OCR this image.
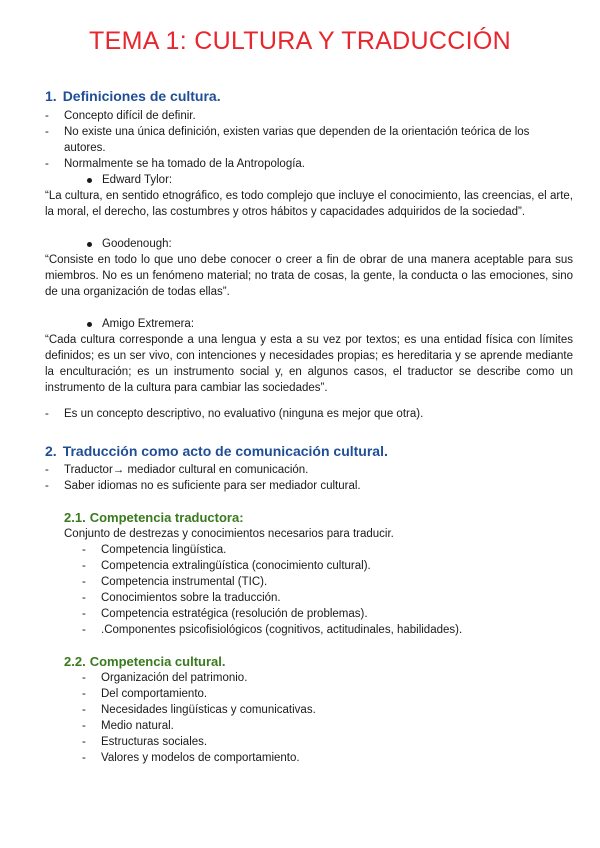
TEMA 1: CULTURA Y TRADUCCIÓN
1. Definiciones de cultura.
- Concepto difícil de definir.
- No existe una única definición, existen varias que dependen de la orientación teórica de los autores.
- Normalmente se ha tomado de la Antropología.
Edward Tylor:
“La cultura, en sentido etnográfico, es todo complejo que incluye el conocimiento, las creencias, el arte, la moral, el derecho, las costumbres y otros hábitos y capacidades adquiridos de la sociedad”.
Goodenough:
“Consiste en todo lo que uno debe conocer o creer a fin de obrar de una manera aceptable para sus miembros. No es un fenómeno material; no trata de cosas, la gente, la conducta o las emociones, sino de una organización de todas ellas”.
Amigo Extremera:
“Cada cultura corresponde a una lengua y esta a su vez por textos; es una entidad física con límites definidos; es un ser vivo, con intenciones y necesidades propias; es hereditaria y se aprende mediante la enculturación; es un instrumento social y, en algunos casos, el traductor se describe como un instrumento de la cultura para cambiar las sociedades”.
- Es un concepto descriptivo, no evaluativo (ninguna es mejor que otra).
2. Traducción como acto de comunicación cultural.
- Traductor→ mediador cultural en comunicación.
- Saber idiomas no es suficiente para ser mediador cultural.
2.1. Competencia traductora:
Conjunto de destrezas y conocimientos necesarios para traducir.
- Competencia lingüística.
- Competencia extralingüística (conocimiento cultural).
- Competencia instrumental (TIC).
- Conocimientos sobre la traducción.
- Competencia estratégica (resolución de problemas).
- .Componentes psicofisiológicos (cognitivos, actitudinales, habilidades).
2.2. Competencia cultural.
- Organización del patrimonio.
- Del comportamiento.
- Necesidades lingüísticas y comunicativas.
- Medio natural.
- Estructuras sociales.
- Valores y modelos de comportamiento.
